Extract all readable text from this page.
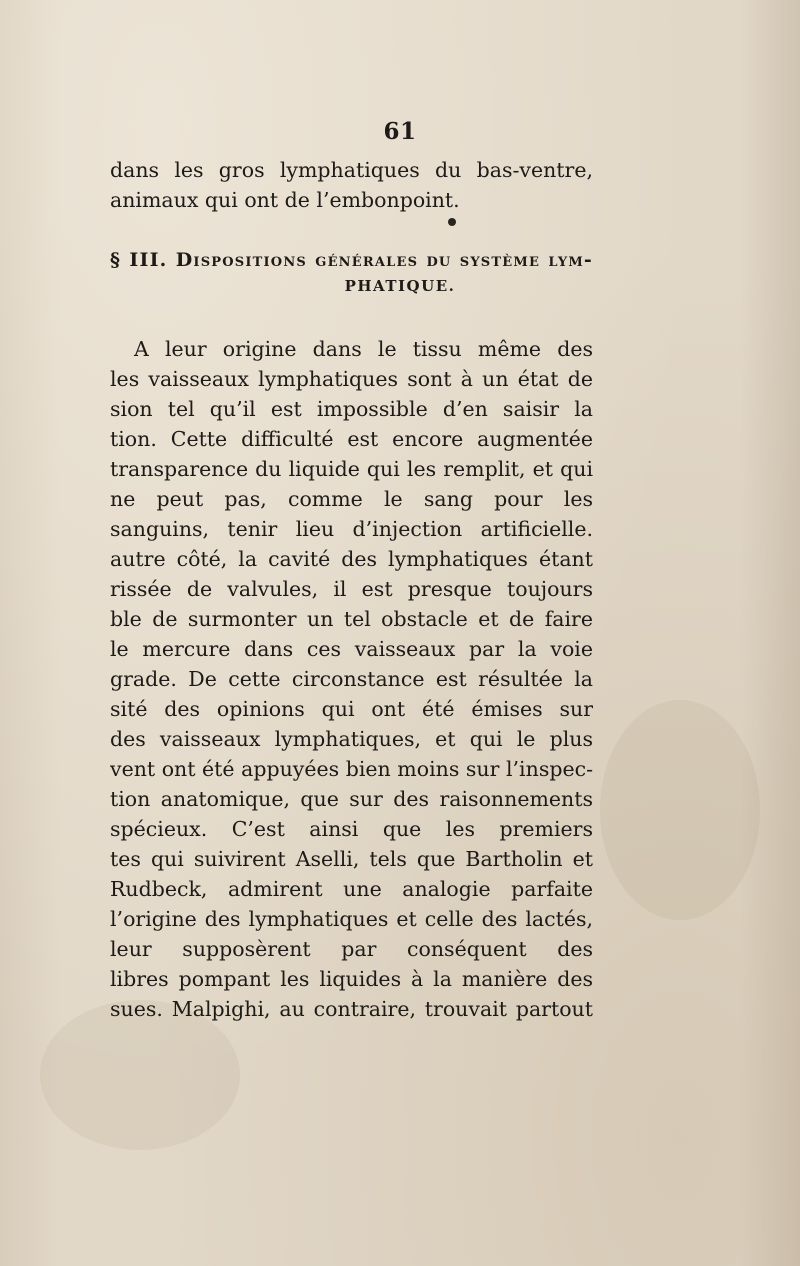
61
dans les gros lymphatiques du bas-ventre,
animaux qui ont de l’embonpoint.
§ III. Dispositions générales du système lym-
PHATIQUE.
A leur origine dans le tissu même des
les vaisseaux lymphatiques sont à un état de
sion tel qu’il est impossible d’en saisir la
tion. Cette difficulté est encore augmentée
transparence du liquide qui les remplit, et qui
ne peut pas, comme le sang pour les
sanguins, tenir lieu d’injection artificielle.
autre côté, la cavité des lymphatiques étant
rissée de valvules, il est presque toujours
ble de surmonter un tel obstacle et de faire
le mercure dans ces vaisseaux par la voie
grade. De cette circonstance est résultée la
sité des opinions qui ont été émises sur
des vaisseaux lymphatiques, et qui le plus
vent ont été appuyées bien moins sur l’inspec-
tion anatomique, que sur des raisonnements
spécieux. C’est ainsi que les premiers
tes qui suivirent Aselli, tels que Bartholin et
Rudbeck, admirent une analogie parfaite
l’origine des lymphatiques et celle des lactés,
leur supposèrent par conséquent des
libres pompant les liquides à la manière des
sues. Malpighi, au contraire, trouvait partout
